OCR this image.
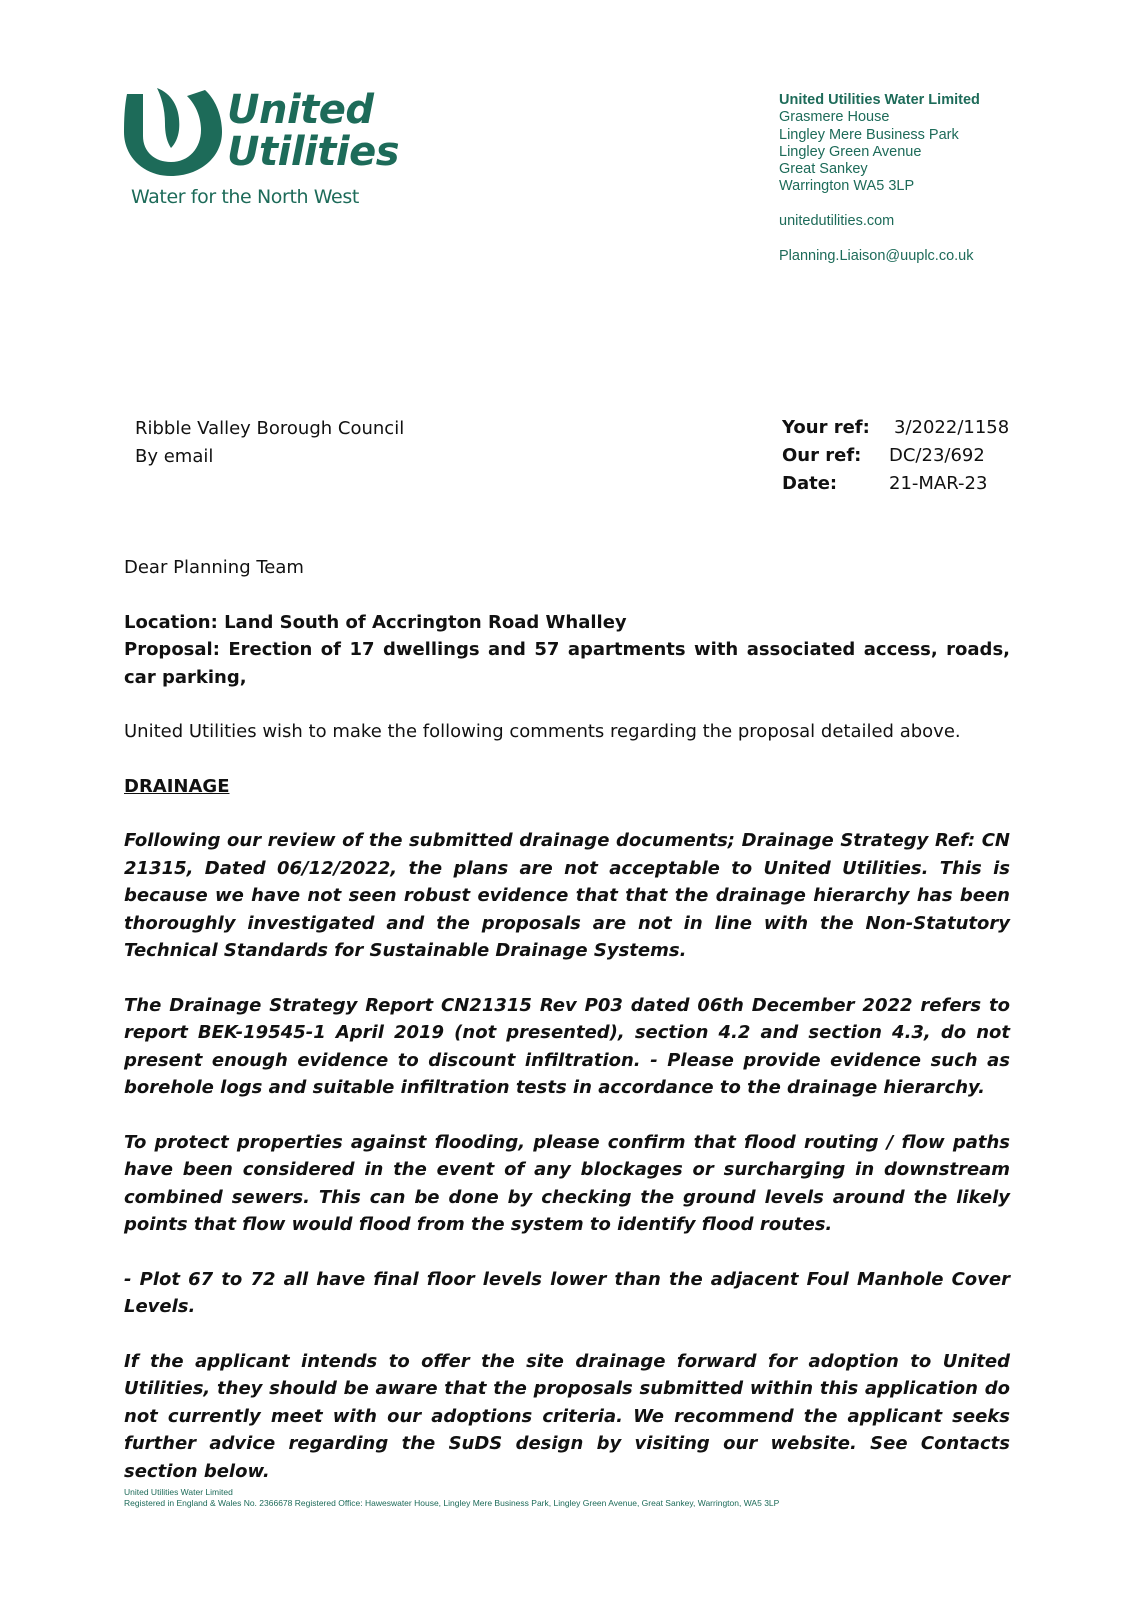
United
Utilities
Water for the North West
United Utilities Water Limited
Grasmere House
Lingley Mere Business Park
Lingley Green Avenue
Great Sankey
Warrington WA5 3LP
unitedutilities.com
Planning.Liaison@uuplc.co.uk
Ribble Valley Borough Council
By email
Your ref: 3/2022/1158
Our ref: DC/23/692
Date:	21-MAR-23

Dear Planning Team

Location: Land South of Accrington Road Whalley

Proposal: Erection of 17 dwellings and 57 apartments with associated access, roads, car parking,

United Utilities wish to make the following comments regarding the proposal detailed above.

DRAINAGE

Following our review of the submitted drainage documents; Drainage Strategy Ref: CN 21315, Dated 06/12/2022, the plans are not acceptable to United Utilities. This is because we have not seen robust evidence that that the drainage hierarchy has been thoroughly investigated and the proposals are not in line with the Non-Statutory Technical Standards for Sustainable Drainage Systems.

The Drainage Strategy Report CN21315 Rev P03 dated 06th December 2022 refers to report BEK-19545-1 April 2019 (not presented), section 4.2 and section 4.3, do not present enough evidence to discount infiltration. - Please provide evidence such as borehole logs and suitable infiltration tests in accordance to the drainage hierarchy.

To protect properties against flooding, please confirm that flood routing / flow paths have been considered in the event of any blockages or surcharging in downstream combined sewers. This can be done by checking the ground levels around the likely points that flow would flood from the system to identify flood routes.

- Plot 67 to 72 all have final floor levels lower than the adjacent Foul Manhole Cover Levels.

If the applicant intends to offer the site drainage forward for adoption to United Utilities, they should be aware that the proposals submitted within this application do not currently meet with our adoptions criteria. We recommend the applicant seeks further advice regarding the SuDS design by visiting our website. See Contacts section below.

United Utilities Water Limited
Registered in England & Wales No. 2366678 Registered Office: Haweswater House, Lingley Mere Business Park, Lingley Green Avenue, Great Sankey, Warrington, WA5 3LP
